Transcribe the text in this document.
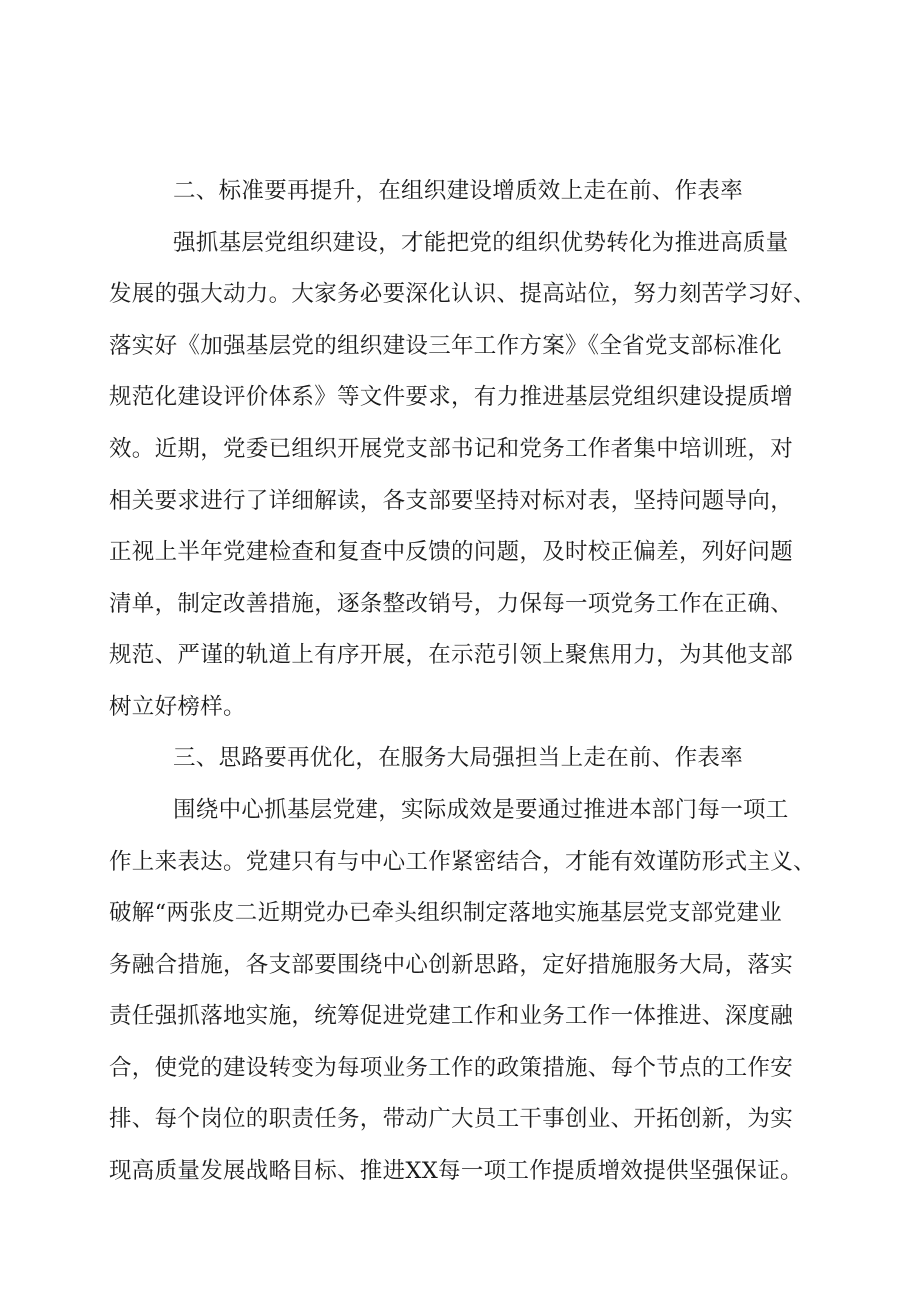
二、标准要再提升，在组织建设增质效上走在前、作表率
强抓基层党组织建设，才能把党的组织优势转化为推进高质量
发展的强大动力。大家务必要深化认识、提高站位，努力刻苦学习好、
落实好《加强基层党的组织建设三年工作方案》《全省党支部标准化
规范化建设评价体系》等文件要求，有力推进基层党组织建设提质增
效。近期，党委已组织开展党支部书记和党务工作者集中培训班，对
相关要求进行了详细解读，各支部要坚持对标对表，坚持问题导向，
正视上半年党建检查和复查中反馈的问题，及时校正偏差，列好问题
清单，制定改善措施，逐条整改销号，力保每一项党务工作在正确、
规范、严谨的轨道上有序开展，在示范引领上聚焦用力，为其他支部
树立好榜样。
三、思路要再优化，在服务大局强担当上走在前、作表率
围绕中心抓基层党建，实际成效是要通过推进本部门每一项工
作上来表达。党建只有与中心工作紧密结合，才能有效谨防形式主义、
破解“两张皮二近期党办已牵头组织制定落地实施基层党支部党建业
务融合措施，各支部要围绕中心创新思路，定好措施服务大局，落实
责任强抓落地实施，统筹促进党建工作和业务工作一体推进、深度融
合，使党的建设转变为每项业务工作的政策措施、每个节点的工作安
排、每个岗位的职责任务，带动广大员工干事创业、开拓创新，为实
现高质量发展战略目标、推进XX每一项工作提质增效提供坚强保证。
